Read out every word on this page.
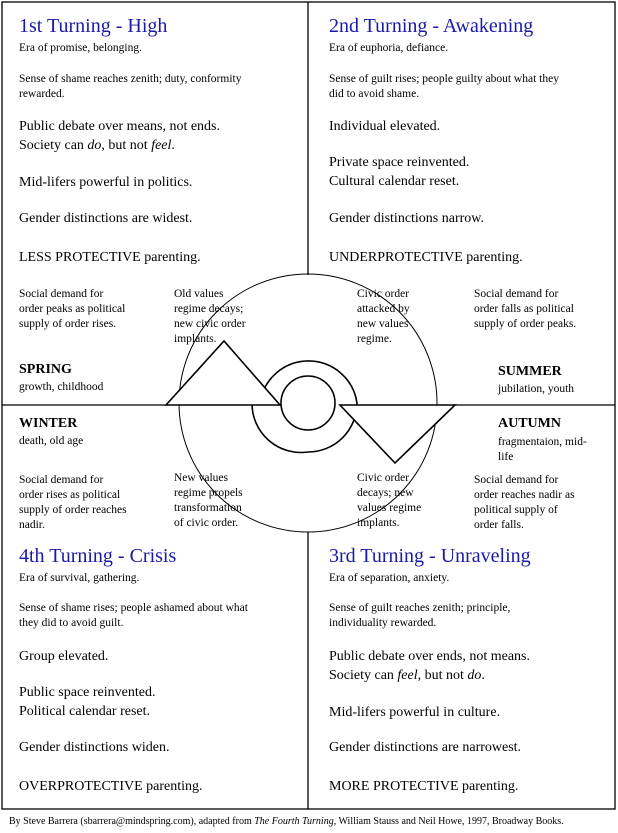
1st Turning - High
Era of promise, belonging.
Sense of shame reaches zenith; duty, conformity
rewarded.
Public debate over means, not ends.
Society can do, but not feel.
Mid-lifers powerful in politics.
Gender distinctions are widest.
LESS PROTECTIVE parenting.
2nd Turning - Awakening
Era of euphoria, defiance.
Sense of guilt rises; people guilty about what they
did to avoid shame.
Individual elevated.
Private space reinvented.
Cultural calendar reset.
Gender distinctions narrow.
UNDERPROTECTIVE parenting.
Social demand for
order peaks as political
supply of order rises.
Old values
regime decays;
new civic order
implants.
Civic order
attacked by
new values
regime.
Social demand for
order falls as political
supply of order peaks.
SPRING
growth, childhood
SUMMER
jubilation, youth
WINTER
death, old age
AUTUMN
fragmentaion, mid-
life
Social demand for
order rises as political
supply of order reaches
nadir.
New values
regime propels
transformation
of civic order.
Civic order
decays; new
values regime
implants.
Social demand for
order reaches nadir as
political supply of
order falls.
4th Turning - Crisis
Era of survival, gathering.
Sense of shame rises; people ashamed about what
they did to avoid guilt.
Group elevated.
Public space reinvented.
Political calendar reset.
Gender distinctions widen.
OVERPROTECTIVE parenting.
3rd Turning - Unraveling
Era of separation, anxiety.
Sense of guilt reaches zenith; principle,
individuality rewarded.
Public debate over ends, not means.
Society can feel, but not do.
Mid-lifers powerful in culture.
Gender distinctions are narrowest.
MORE PROTECTIVE parenting.
By Steve Barrera (sbarrera@mindspring.com), adapted from The Fourth Turning, William Stauss and Neil Howe, 1997, Broadway Books.
